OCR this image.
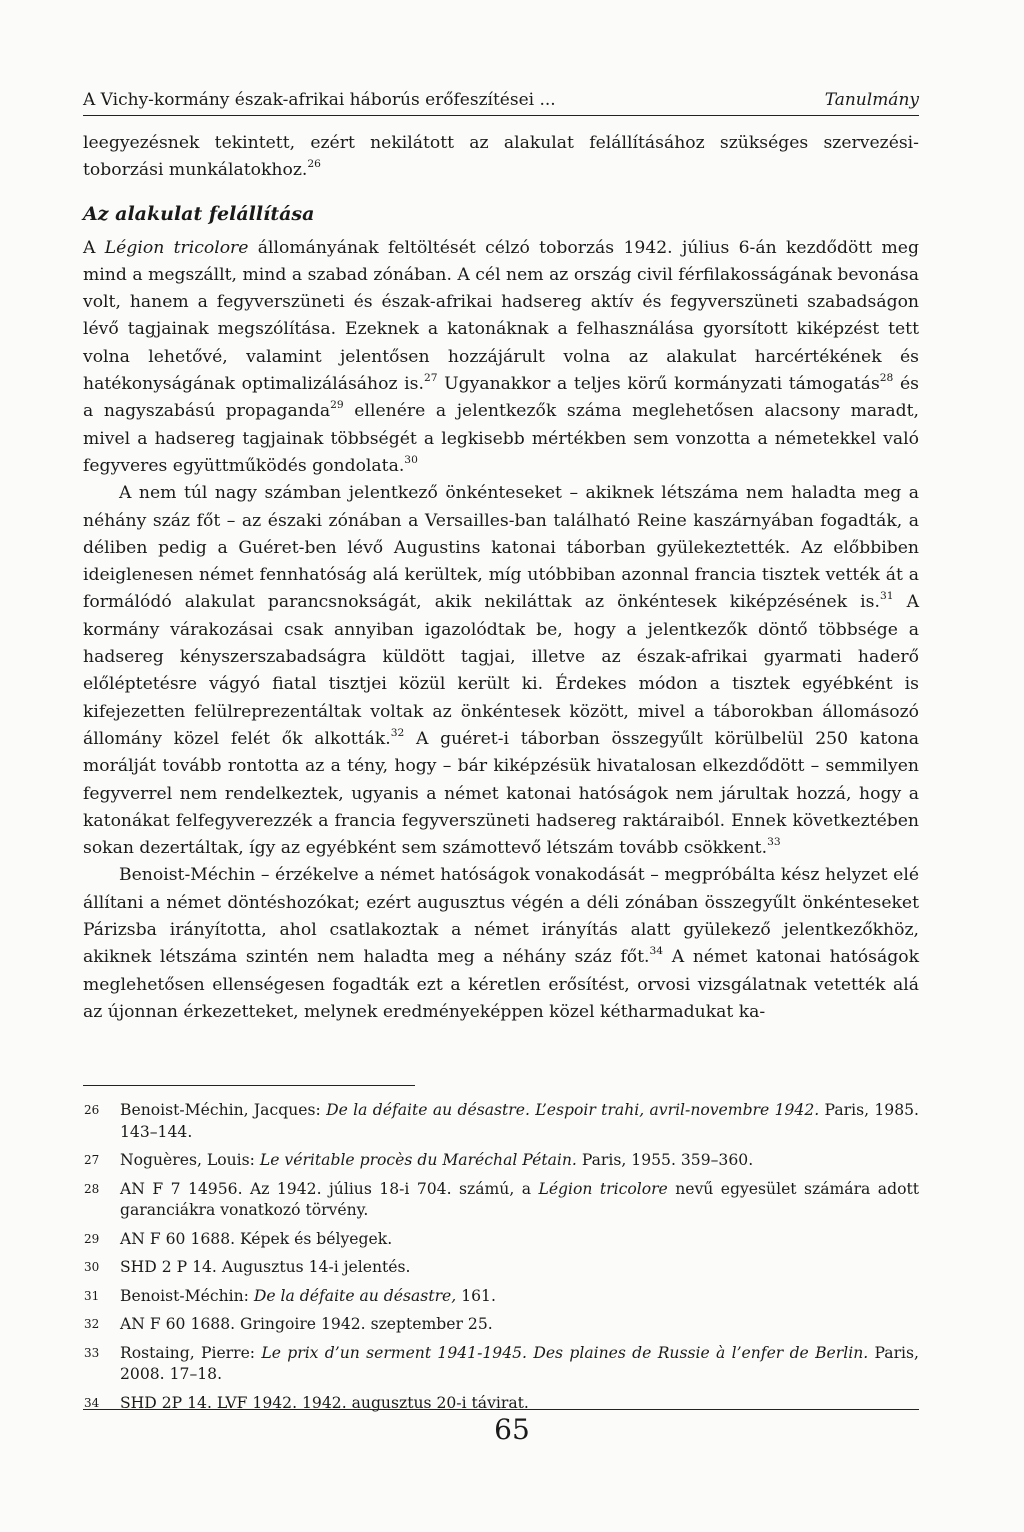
A Vichy-kormány észak-afrikai háborús erőfeszítései ...	Tanulmány

leegyezésnek tekintett, ezért nekilátott az alakulat felállításához szükséges szervezési-toborzási munkálatokhoz.$^{26}$

Az alakulat felállítása

A Légion tricolore állományának feltöltését célzó toborzás 1942. július 6-án kezdődött meg mind a megszállt, mind a szabad zónában. A cél nem az ország civil férfilakosságának bevonása volt, hanem a fegyverszüneti és észak-afrikai hadsereg aktív és fegyverszüneti szabadságon lévő tagjainak megszólítása. Ezeknek a katonáknak a felhasználása gyorsított kiképzést tett volna lehetővé, valamint jelentősen hozzájárult volna az alakulat harcértékének és hatékonyságának optimalizálásához is.$^{27}$ Ugyanakkor a teljes körű kormányzati támogatás$^{28}$ és a nagyszabású propaganda$^{29}$ ellenére a jelentkezők száma meglehetősen alacsony maradt, mivel a hadsereg tagjainak többségét a legkisebb mértékben sem vonzotta a németekkel való fegyveres együttműködés gondolata.$^{30}$

A nem túl nagy számban jelentkező önkénteseket – akiknek létszáma nem haladta meg a néhány száz főt – az északi zónában a Versailles-ban található Reine kaszárnyában fogadták, a déliben pedig a Guéret-ben lévő Augustins katonai táborban gyülekeztették. Az előbbiben ideiglenesen német fennhatóság alá kerültek, míg utóbbiban azonnal francia tisztek vették át a formálódó alakulat parancsnokságát, akik nekiláttak az önkéntesek kiképzésének is.$^{31}$ A kormány várakozásai csak annyiban igazolódtak be, hogy a jelentkezők döntő többsége a hadsereg kényszerszabadságra küldött tagjai, illetve az észak-afrikai gyarmati haderő előléptetésre vágyó fiatal tisztjei közül került ki. Érdekes módon a tisztek egyébként is kifejezetten felülreprezentáltak voltak az önkéntesek között, mivel a táborokban állomásozó állomány közel felét ők alkották.$^{32}$ A guéret-i táborban összegyűlt körülbelül 250 katona morálját tovább rontotta az a tény, hogy – bár kiképzésük hivatalosan elkezdődött – semmilyen fegyverrel nem rendelkeztek, ugyanis a német katonai hatóságok nem járultak hozzá, hogy a katonákat felfegyverezzék a francia fegyverszüneti hadsereg raktáraiból. Ennek következtében sokan dezertáltak, így az egyébként sem számottevő létszám tovább csökkent.$^{33}$

Benoist-Méchin – érzékelve a német hatóságok vonakodását – megpróbálta kész helyzet elé állítani a német döntéshozókat; ezért augusztus végén a déli zónában összegyűlt önkénteseket Párizsba irányította, ahol csatlakoztak a német irányítás alatt gyülekező jelentkezőkhöz, akiknek létszáma szintén nem haladta meg a néhány száz főt.$^{34}$ A német katonai hatóságok meglehetősen ellenségesen fogadták ezt a kéretlen erősítést, orvosi vizsgálatnak vetették alá az újonnan érkezetteket, melynek eredményeképpen közel kétharmadukat ka-

26	Benoist-Méchin, Jacques: De la défaite au désastre. L’espoir trahi, avril-novembre 1942. Paris, 1985. 143–144.
27	Noguères, Louis: Le véritable procès du Maréchal Pétain. Paris, 1955. 359–360.
28	AN F 7 14956. Az 1942. július 18-i 704. számú, a Légion tricolore nevű egyesület számára adott garanciákra vonatkozó törvény.
29	AN F 60 1688. Képek és bélyegek.
30	SHD 2 P 14. Augusztus 14-i jelentés.
31	Benoist-Méchin: De la défaite au désastre, 161.
32	AN F 60 1688. Gringoire 1942. szeptember 25.
33	Rostaing, Pierre: Le prix d’un serment 1941-1945. Des plaines de Russie à l’enfer de Berlin. Paris, 2008. 17–18.
34	SHD 2P 14. LVF 1942. 1942. augusztus 20-i távirat.
65
